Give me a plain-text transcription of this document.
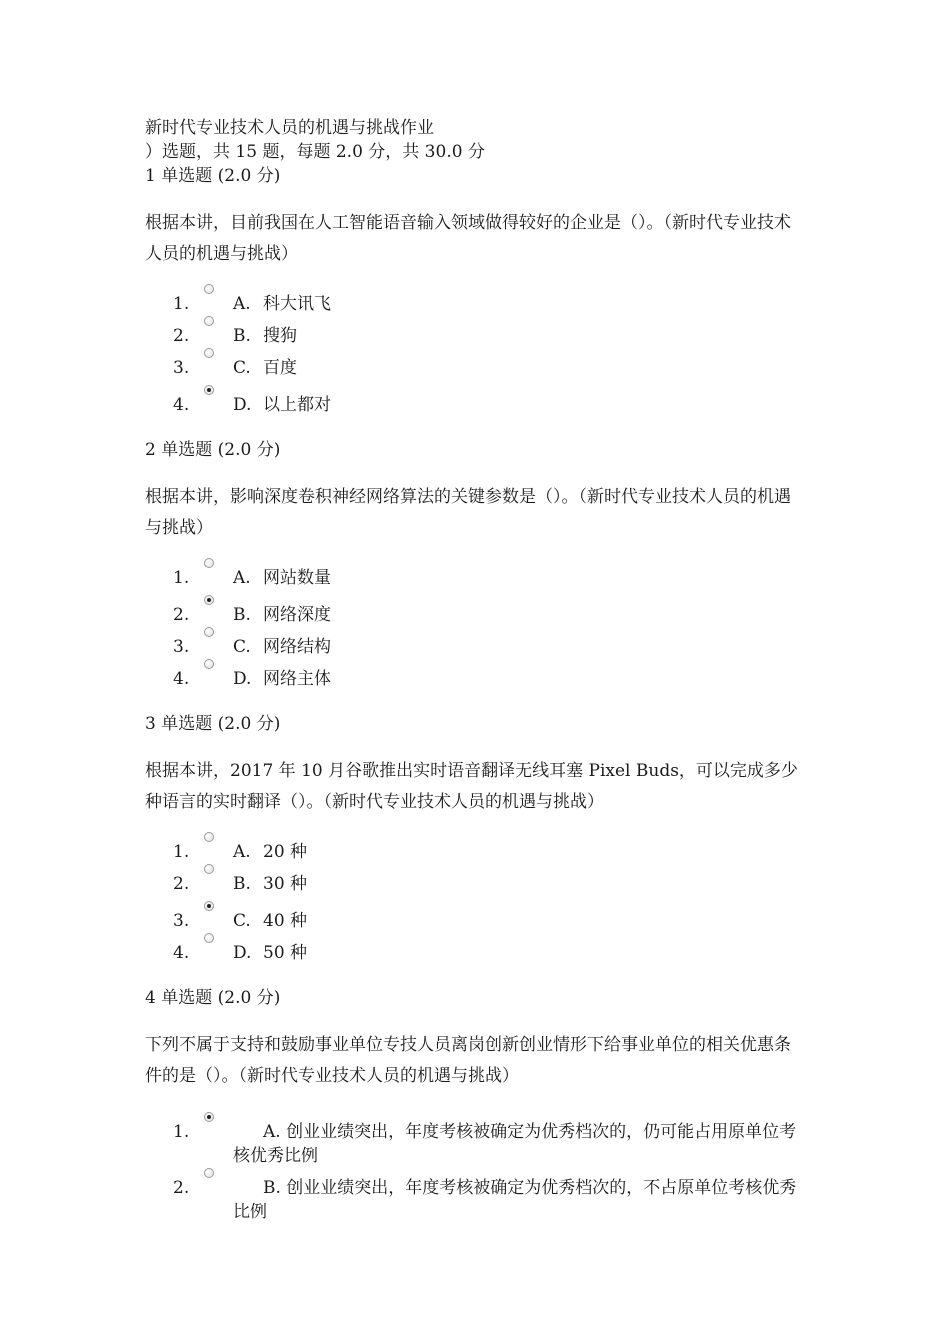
新时代专业技术人员的机遇与挑战作业
）选题，共 15 题，每题 2.0 分，共 30.0 分
1 单选题 (2.0 分)
根据本讲，目前我国在人工智能语音输入领域做得较好的企业是（）。（新时代专业技术人员的机遇与挑战）
1.	A. 科大讯飞
2.	B. 搜狗
3.	C. 百度
4.	D. 以上都对
2 单选题 (2.0 分)
根据本讲，影响深度卷积神经网络算法的关键参数是（）。（新时代专业技术人员的机遇与挑战）
1.	A. 网站数量
2.	B. 网络深度
3.	C. 网络结构
4.	D. 网络主体
3 单选题 (2.0 分)
根据本讲，2017 年 10 月谷歌推出实时语音翻译无线耳塞 Pixel Buds，可以完成多少种语言的实时翻译（）。（新时代专业技术人员的机遇与挑战）
1.	A. 20 种
2.	B. 30 种
3.	C. 40 种
4.	D. 50 种
4 单选题 (2.0 分)
下列不属于支持和鼓励事业单位专技人员离岗创新创业情形下给事业单位的相关优惠条件的是（）。（新时代专业技术人员的机遇与挑战）
1.	A. 创业业绩突出，年度考核被确定为优秀档次的，仍可能占用原单位考核优秀比例
2.	B. 创业业绩突出，年度考核被确定为优秀档次的，不占原单位考核优秀比例
